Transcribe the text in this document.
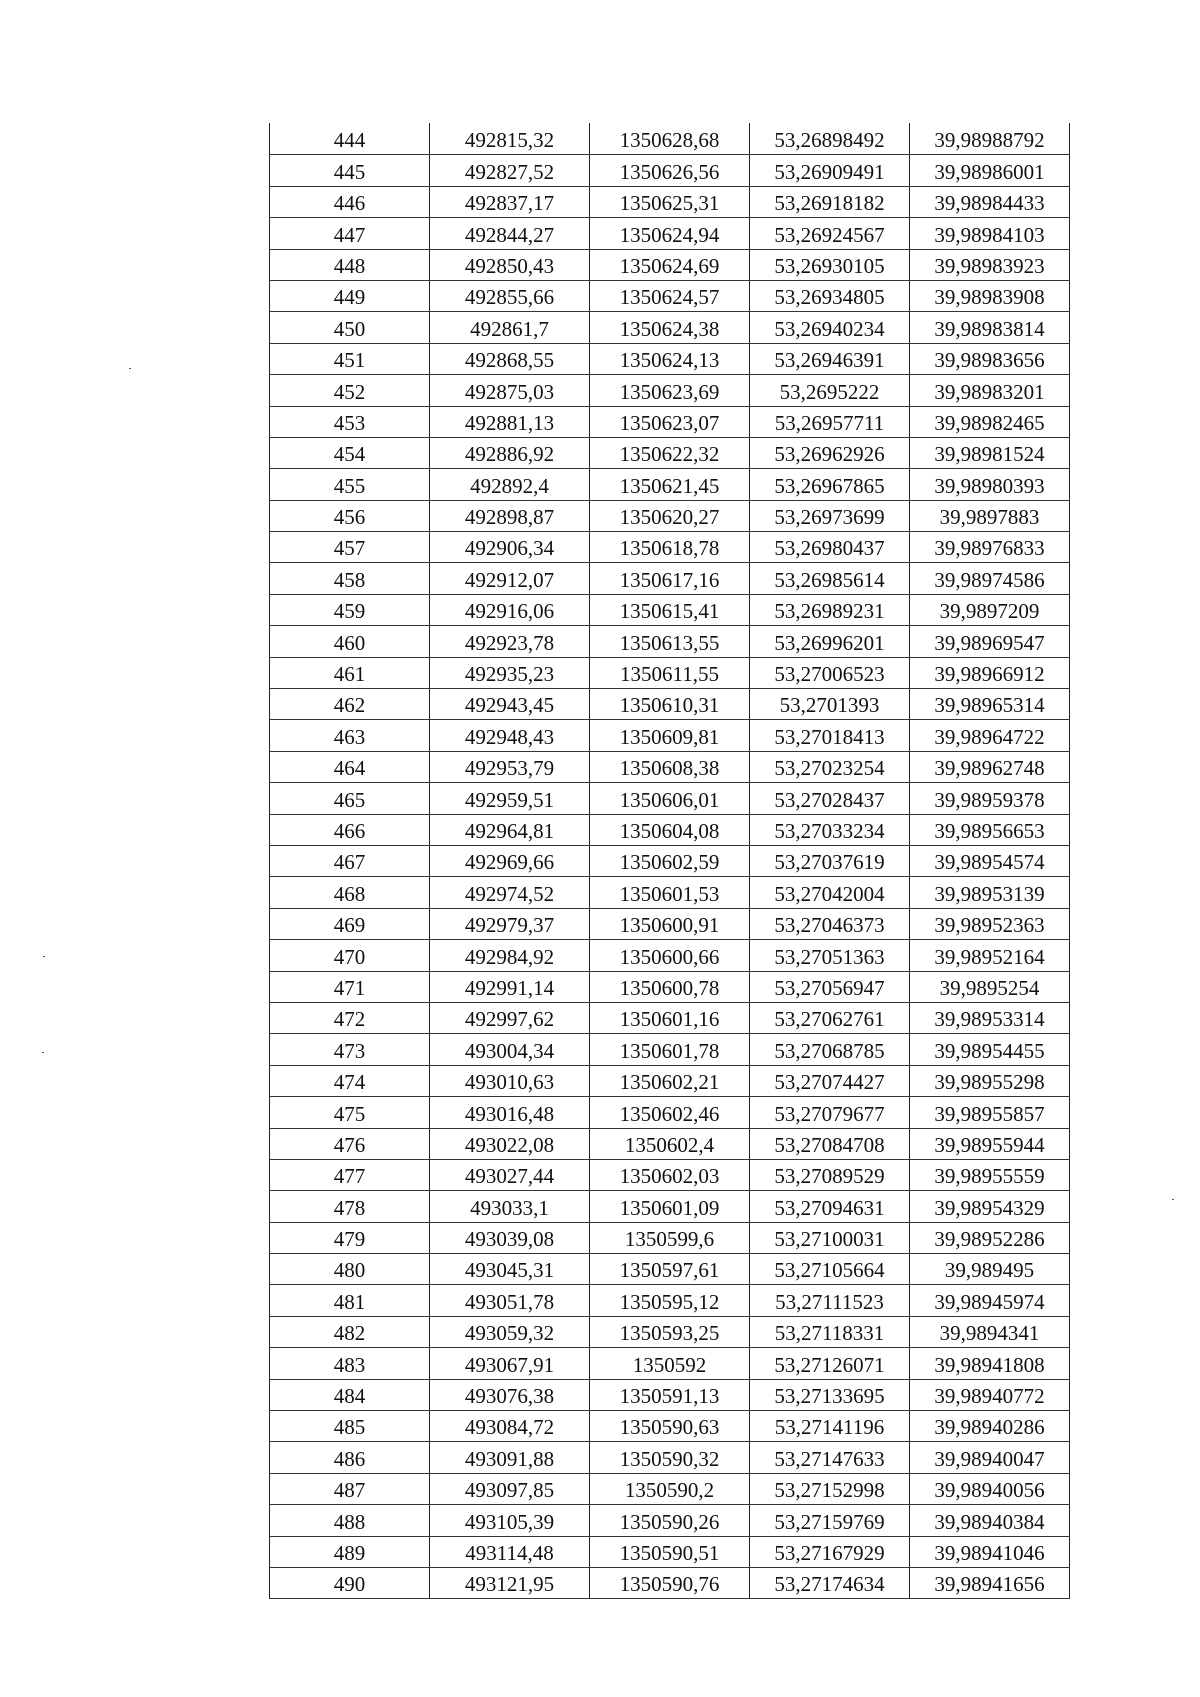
444	492815,32	1350628,68	53,26898492	39,98988792
445	492827,52	1350626,56	53,26909491	39,98986001
446	492837,17	1350625,31	53,26918182	39,98984433
447	492844,27	1350624,94	53,26924567	39,98984103
448	492850,43	1350624,69	53,26930105	39,98983923
449	492855,66	1350624,57	53,26934805	39,98983908
450	492861,7	1350624,38	53,26940234	39,98983814
451	492868,55	1350624,13	53,26946391	39,98983656
452	492875,03	1350623,69	53,2695222	39,98983201
453	492881,13	1350623,07	53,26957711	39,98982465
454	492886,92	1350622,32	53,26962926	39,98981524
455	492892,4	1350621,45	53,26967865	39,98980393
456	492898,87	1350620,27	53,26973699	39,9897883
457	492906,34	1350618,78	53,26980437	39,98976833
458	492912,07	1350617,16	53,26985614	39,98974586
459	492916,06	1350615,41	53,26989231	39,9897209
460	492923,78	1350613,55	53,26996201	39,98969547
461	492935,23	1350611,55	53,27006523	39,98966912
462	492943,45	1350610,31	53,2701393	39,98965314
463	492948,43	1350609,81	53,27018413	39,98964722
464	492953,79	1350608,38	53,27023254	39,98962748
465	492959,51	1350606,01	53,27028437	39,98959378
466	492964,81	1350604,08	53,27033234	39,98956653
467	492969,66	1350602,59	53,27037619	39,98954574
468	492974,52	1350601,53	53,27042004	39,98953139
469	492979,37	1350600,91	53,27046373	39,98952363
470	492984,92	1350600,66	53,27051363	39,98952164
471	492991,14	1350600,78	53,27056947	39,9895254
472	492997,62	1350601,16	53,27062761	39,98953314
473	493004,34	1350601,78	53,27068785	39,98954455
474	493010,63	1350602,21	53,27074427	39,98955298
475	493016,48	1350602,46	53,27079677	39,98955857
476	493022,08	1350602,4	53,27084708	39,98955944
477	493027,44	1350602,03	53,27089529	39,98955559
478	493033,1	1350601,09	53,27094631	39,98954329
479	493039,08	1350599,6	53,27100031	39,98952286
480	493045,31	1350597,61	53,27105664	39,989495
481	493051,78	1350595,12	53,27111523	39,98945974
482	493059,32	1350593,25	53,27118331	39,9894341
483	493067,91	1350592	53,27126071	39,98941808
484	493076,38	1350591,13	53,27133695	39,98940772
485	493084,72	1350590,63	53,27141196	39,98940286
486	493091,88	1350590,32	53,27147633	39,98940047
487	493097,85	1350590,2	53,27152998	39,98940056
488	493105,39	1350590,26	53,27159769	39,98940384
489	493114,48	1350590,51	53,27167929	39,98941046
490	493121,95	1350590,76	53,27174634	39,98941656
